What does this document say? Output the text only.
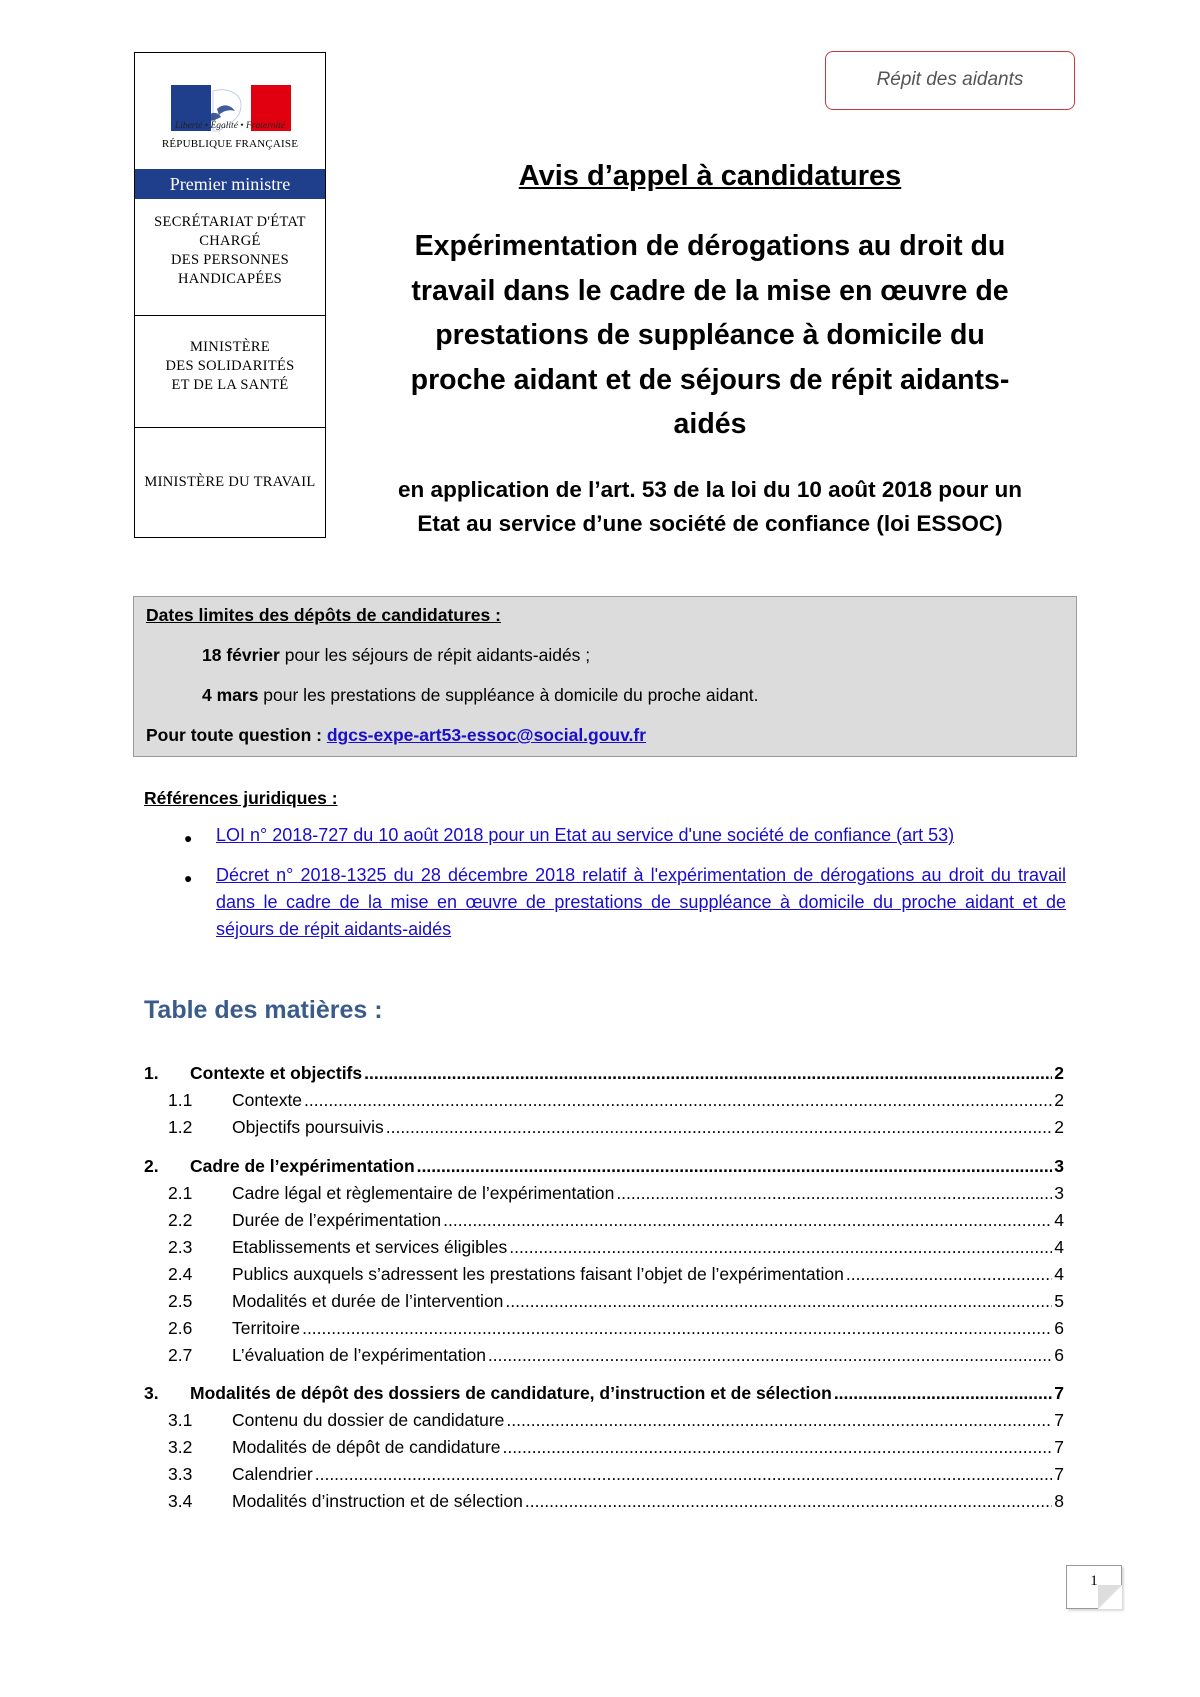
Liberté • Égalité • Fraternité
RÉPUBLIQUE FRANÇAISE
Premier ministre
SECRÉTARIAT D'ÉTAT
CHARGÉ
DES PERSONNES
HANDICAPÉES
MINISTÈRE
DES SOLIDARITÉS
ET DE LA SANTÉ
MINISTÈRE DU TRAVAIL
Répit des aidants
Avis d’appel à candidatures
Expérimentation de dérogations au droit du
travail dans le cadre de la mise en œuvre de
prestations de suppléance à domicile du
proche aidant et de séjours de répit aidants-
aidés
en application de l’art. 53 de la loi du 10 août 2018 pour un
Etat au service d’une société de confiance (loi ESSOC)
Dates limites des dépôts de candidatures :
18 février pour les séjours de répit aidants-aidés ;
4 mars pour les prestations de suppléance à domicile du proche aidant.
Pour toute question : dgcs-expe-art53-essoc@social.gouv.fr
Références juridiques :
● LOI n° 2018-727 du 10 août 2018 pour un Etat au service d'une société de confiance (art 53)
● Décret n° 2018-1325 du 28 décembre 2018 relatif à l'expérimentation de dérogations au droit du travail dans le cadre de la mise en œuvre de prestations de suppléance à domicile du proche aidant et de séjours de répit aidants-aidés
Table des matières :
1.	Contexte et objectifs .....	2
1.1	Contexte .....	2
1.2	Objectifs poursuivis .....	2
2.	Cadre de l’expérimentation .....	3
2.1	Cadre légal et règlementaire de l’expérimentation .....	3
2.2	Durée de l’expérimentation .....	4
2.3	Etablissements et services éligibles .....	4
2.4	Publics auxquels s’adressent les prestations faisant l’objet de l’expérimentation .....	4
2.5	Modalités et durée de l’intervention .....	5
2.6	Territoire .....	6
2.7	L’évaluation de l’expérimentation .....	6
3.	Modalités de dépôt des dossiers de candidature, d’instruction et de sélection .....	7
3.1	Contenu du dossier de candidature .....	7
3.2	Modalités de dépôt de candidature .....	7
3.3	Calendrier .....	7
3.4	Modalités d’instruction et de sélection .....	8
1
